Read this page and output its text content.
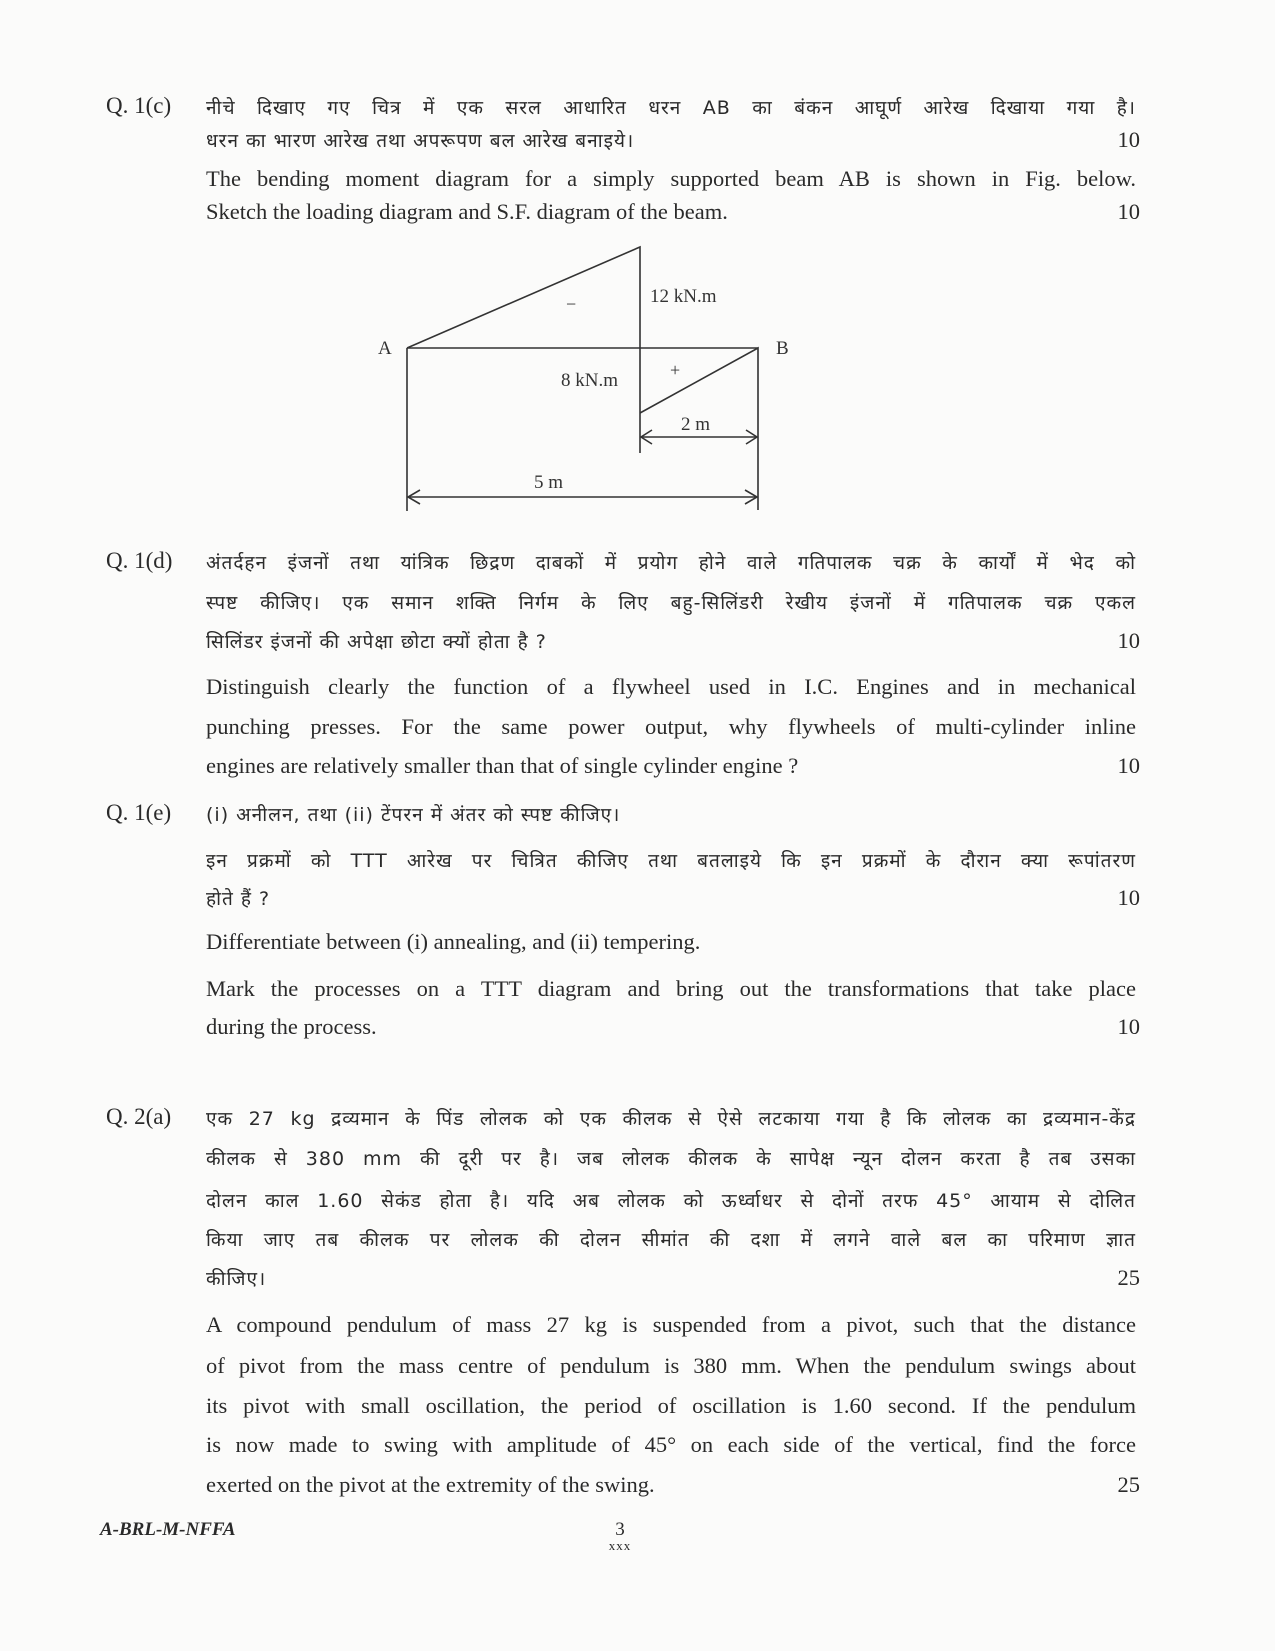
Q. 1(c) नीचे दिखाए गए चित्र में एक सरल आधारित धरन AB का बंकन आघूर्ण आरेख दिखाया गया है।
धरन का भारण आरेख तथा अपरूपण बल आरेख बनाइये।	10
The bending moment diagram for a simply supported beam AB is shown in Fig. below.
Sketch the loading diagram and S.F. diagram of the beam.	10
A	B
12 kN.m
8 kN.m
−
+
2 m
5 m
Q. 1(d) अंतर्दहन इंजनों तथा यांत्रिक छिद्रण दाबकों में प्रयोग होने वाले गतिपालक चक्र के कार्यों में भेद को
स्पष्ट कीजिए। एक समान शक्ति निर्गम के लिए बहु-सिलिंडरी रेखीय इंजनों में गतिपालक चक्र एकल
सिलिंडर इंजनों की अपेक्षा छोटा क्यों होता है ?	10
Distinguish clearly the function of a flywheel used in I.C. Engines and in mechanical
punching presses. For the same power output, why flywheels of multi-cylinder inline
engines are relatively smaller than that of single cylinder engine ?	10
Q. 1(e) (i) अनीलन, तथा (ii) टेंपरन में अंतर को स्पष्ट कीजिए।
इन प्रक्रमों को TTT आरेख पर चित्रित कीजिए तथा बतलाइये कि इन प्रक्रमों के दौरान क्या रूपांतरण
होते हैं ?	10
Differentiate between (i) annealing, and (ii) tempering.
Mark the processes on a TTT diagram and bring out the transformations that take place
during the process.	10
Q. 2(a) एक 27 kg द्रव्यमान के पिंड लोलक को एक कीलक से ऐसे लटकाया गया है कि लोलक का द्रव्यमान-केंद्र
कीलक से 380 mm की दूरी पर है। जब लोलक कीलक के सापेक्ष न्यून दोलन करता है तब उसका
दोलन काल 1.60 सेकंड होता है। यदि अब लोलक को ऊर्ध्वाधर से दोनों तरफ 45° आयाम से दोलित
किया जाए तब कीलक पर लोलक की दोलन सीमांत की दशा में लगने वाले बल का परिमाण ज्ञात
कीजिए।	25
A compound pendulum of mass 27 kg is suspended from a pivot, such that the distance
of pivot from the mass centre of pendulum is 380 mm. When the pendulum swings about
its pivot with small oscillation, the period of oscillation is 1.60 second. If the pendulum
is now made to swing with amplitude of 45° on each side of the vertical, find the force
exerted on the pivot at the extremity of the swing.	25
A-BRL-M-NFFA	3
xxx
